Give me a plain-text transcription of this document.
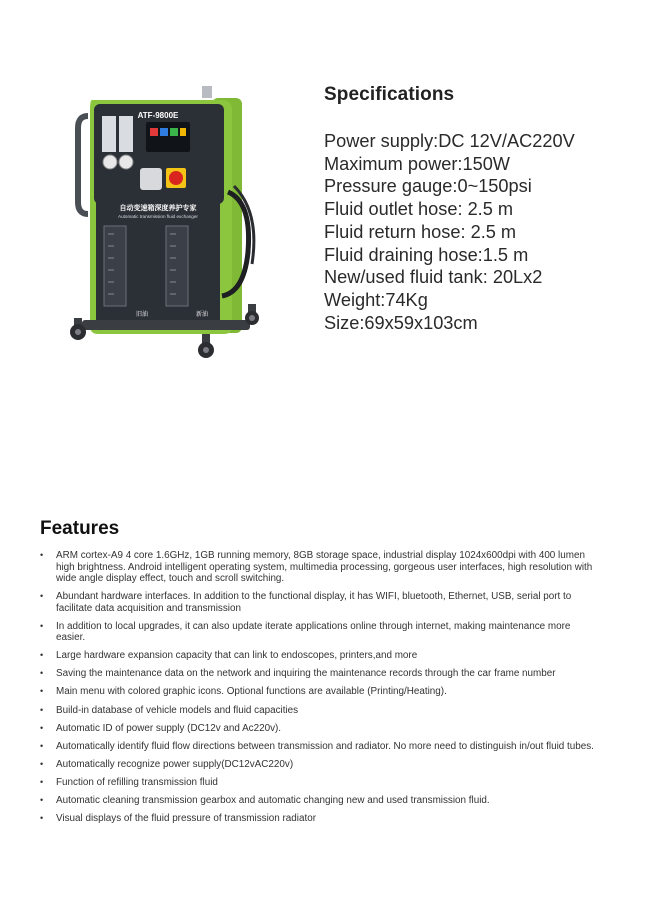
ATF-9800E
自动变速箱深度养护专家
Automatic transmission fluid exchanger
旧油	新油
Specifications
Power supply:DC 12V/AC220V
Maximum power:150W
Pressure gauge:0~150psi
Fluid outlet hose: 2.5 m
Fluid return hose: 2.5 m
Fluid draining hose:1.5 m
New/used fluid tank: 20Lx2
Weight:74Kg
Size:69x59x103cm
Features
• ARM cortex-A9 4 core 1.6GHz, 1GB running memory, 8GB storage space, industrial display 1024x600dpi with 400 lumen high brightness. Android intelligent operating system, multimedia processing, gorgeous user interfaces, high resolution with wide angle display effect, touch and scroll switching.
• Abundant hardware interfaces. In addition to the functional display, it has WIFI, bluetooth, Ethernet, USB, serial port to facilitate data acquisition and transmission
• In addition to local upgrades, it can also update iterate applications online through internet, making maintenance more easier.
• Large hardware expansion capacity that can link to endoscopes, printers,and more
• Saving the maintenance data on the network and inquiring the maintenance records through the car frame number
• Main menu with colored graphic icons. Optional functions are available (Printing/Heating).
• Build-in database of vehicle models and fluid capacities
• Automatic ID of power supply (DC12v and Ac220v).
• Automatically identify fluid flow directions between transmission and radiator. No more need to distinguish in/out fluid tubes.
• Automatically recognize power supply(DC12vAC220v)
• Function of refilling transmission fluid
• Automatic cleaning transmission gearbox and automatic changing new and used transmission fluid.
• Visual displays of the fluid pressure of transmission radiator
